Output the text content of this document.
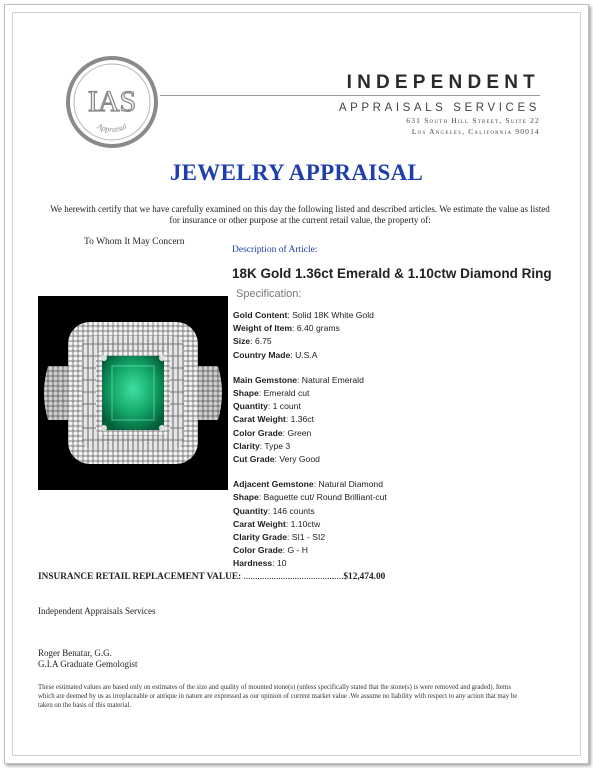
IAS
Appraisal
INDEPENDENT
APPRAISALS SERVICES
631 South Hill Street, Suite 22
Los Angeles, California 90014
JEWELRY APPRAISAL
We herewith certify that we have carefully examined on this day the following listed and described articles. We estimate the value as listed for insurance or other purpose at the current retail value, the property of:
To Whom It May Concern
Description of Article:
18K Gold 1.36ct Emerald & 1.10ctw Diamond Ring
Specification:
Gold Content: Solid 18K White Gold
Weight of Item: 6.40 grams
Size: 6.75
Country Made: U.S.A
Main Gemstone: Natural Emerald
Shape: Emerald cut
Quantity: 1 count
Carat Weight: 1.36ct
Color Grade: Green
Clarity: Type 3
Cut Grade: Very Good
Adjacent Gemstone: Natural Diamond
Shape: Baguette cut/ Round Brilliant-cut
Quantity: 146 counts
Carat Weight: 1.10ctw
Clarity Grade: SI1 - SI2
Color Grade: G - H
Hardness: 10
INSURANCE RETAIL REPLACEMENT VALUE: ...........................................$12,474.00
Independent Appraisals Services
Roger Benatar, G.G.
G.I.A Graduate Gemologist
These estimated values are based only on estimates of the size and quality of mounted stone(s) (unless specifically stated that the stone(s) is were removed and graded). Items which are deemed by us as irreplaceable or antique in nature are expressed as our opinion of current market value .We assume no liability with respect to any action that may be taken on the basis of this material.
